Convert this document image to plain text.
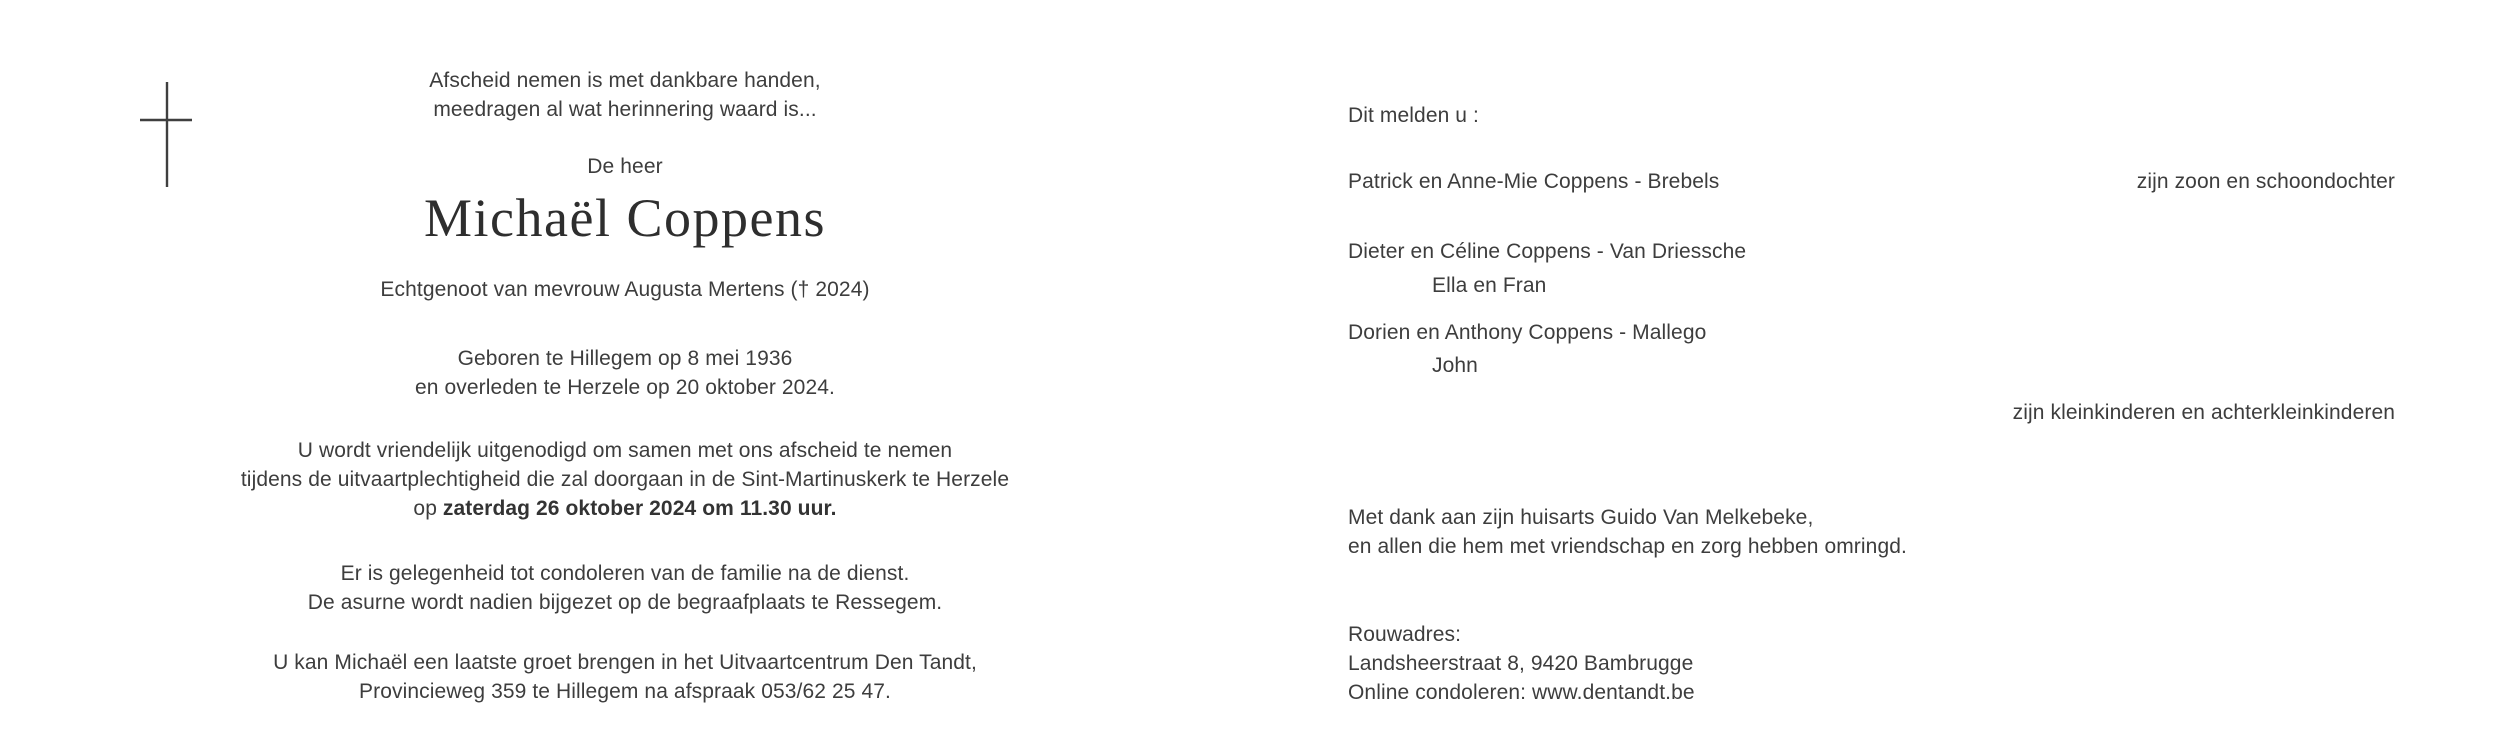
Afscheid nemen is met dankbare handen,
meedragen al wat herinnering waard is...
De heer
Michaël Coppens
Echtgenoot van mevrouw Augusta Mertens († 2024)
Geboren te Hillegem op 8 mei 1936
en overleden te Herzele op 20 oktober 2024.
U wordt vriendelijk uitgenodigd om samen met ons afscheid te nemen
tijdens de uitvaartplechtigheid die zal doorgaan in de Sint-Martinuskerk te Herzele
op zaterdag 26 oktober 2024 om 11.30 uur.
Er is gelegenheid tot condoleren van de familie na de dienst.
De asurne wordt nadien bijgezet op de begraafplaats te Ressegem.
U kan Michaël een laatste groet brengen in het Uitvaartcentrum Den Tandt,
Provincieweg 359 te Hillegem na afspraak 053/62 25 47.
Dit melden u :
Patrick en Anne-Mie Coppens - Brebels	zijn zoon en schoondochter
Dieter en Céline Coppens - Van Driessche
Ella en Fran
Dorien en Anthony Coppens - Mallego
John
zijn kleinkinderen en achterkleinkinderen
Met dank aan zijn huisarts Guido Van Melkebeke,
en allen die hem met vriendschap en zorg hebben omringd.
Rouwadres:
Landsheerstraat 8, 9420 Bambrugge
Online condoleren: www.dentandt.be
